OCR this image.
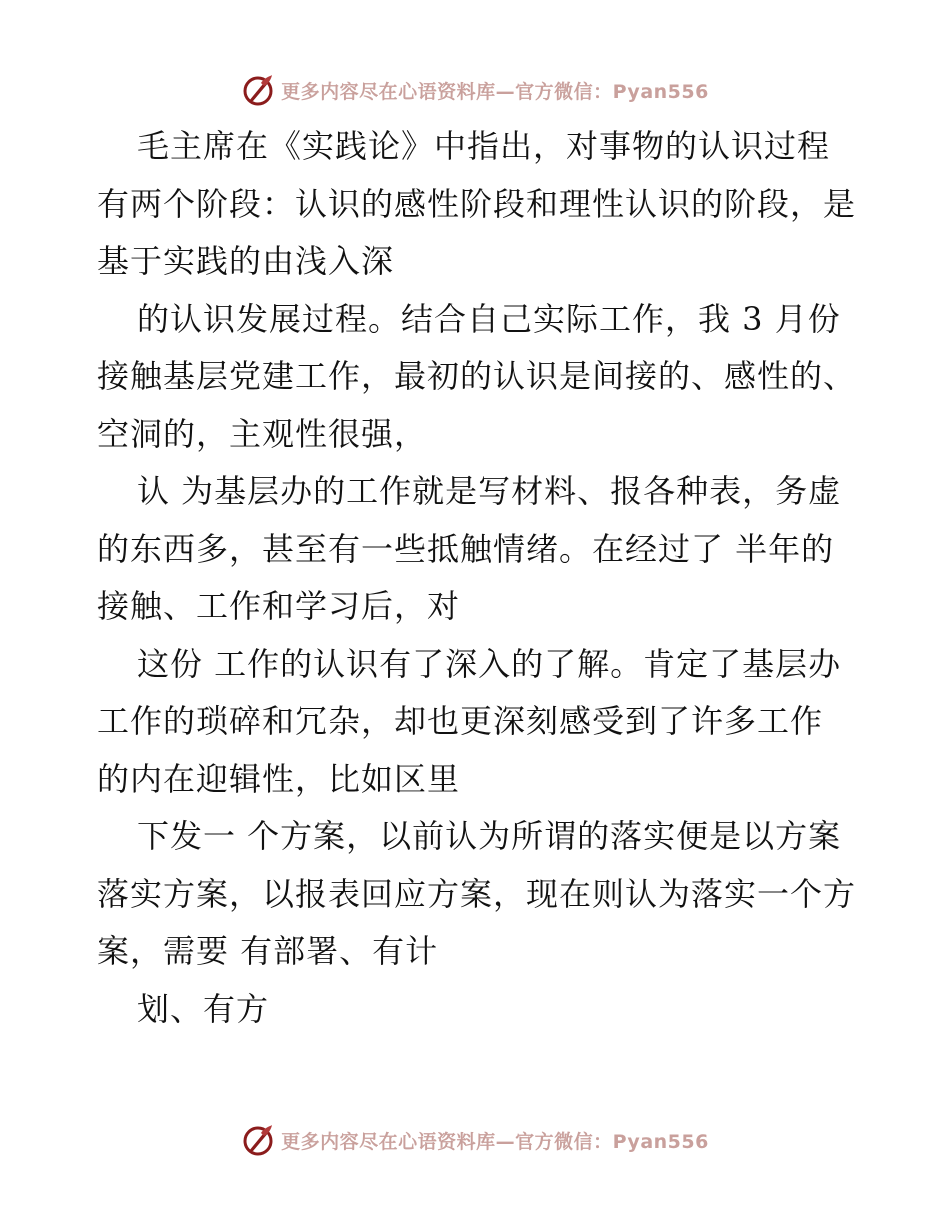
更多内容尽在心语资料库—官方微信：Pyan556

毛主席在《实践论》中指出，对事物的认识过程有两个阶段：认识的感性阶段和理性认识的阶段，是基于实践的由浅入深

的认识发展过程。结合自己实际工作，我 3 月份接触基层党建工作，最初的认识是间接的、感性的、空洞的，主观性很强，

认 为基层办的工作就是写材料、报各种表，务虚的东西多，甚至有一些抵触情绪。在经过了 半年的接触、工作和学习后，对

这份 工作的认识有了深入的了解。肯定了基层办工作的琐碎和冗杂，却也更深刻感受到了许多工作 的内在迎辑性，比如区里

下发一 个方案，以前认为所谓的落实便是以方案落实方案，以报表回应方案，现在则认为落实一个方案，需要 有部署、有计

划、有方

更多内容尽在心语资料库—官方微信：Pyan556
